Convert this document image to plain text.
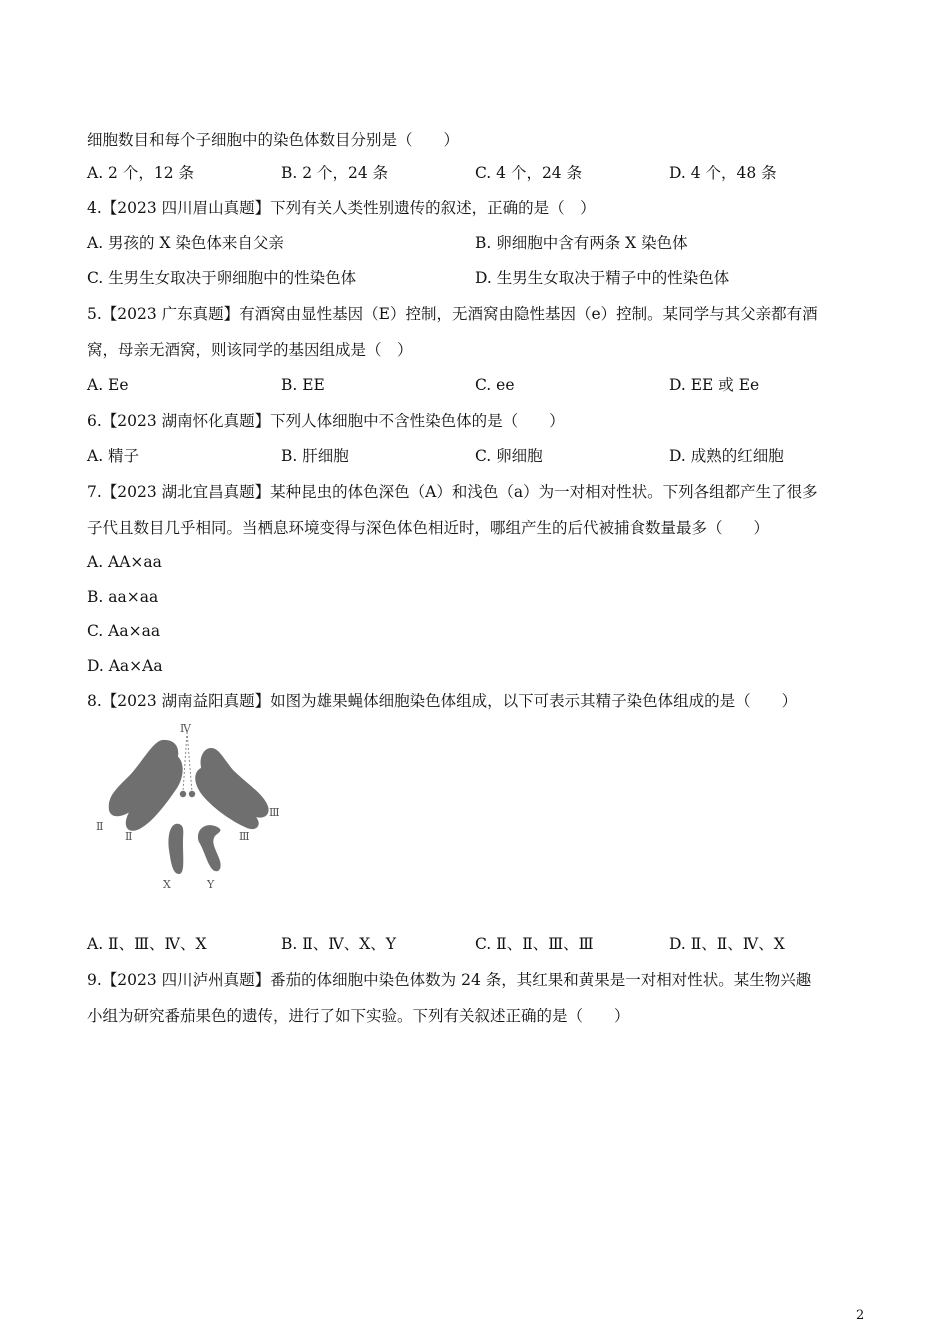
细胞数目和每个子细胞中的染色体数目分别是（　　）
A. 2 个，12 条	B. 2 个，24 条	C. 4 个，24 条	D. 4 个，48 条
4.【2023 四川眉山真题】下列有关人类性别遗传的叙述，正确的是（　）
A. 男孩的 X 染色体来自父亲	B. 卵细胞中含有两条 X 染色体
C. 生男生女取决于卵细胞中的性染色体	D. 生男生女取决于精子中的性染色体
5.【2023 广东真题】有酒窝由显性基因（E）控制，无酒窝由隐性基因（e）控制。某同学与其父亲都有酒
窝，母亲无酒窝，则该同学的基因组成是（　）
A. Ee	B. EE	C. ee	D. EE 或 Ee
6.【2023 湖南怀化真题】下列人体细胞中不含性染色体的是（　　）
A. 精子	B. 肝细胞	C. 卵细胞	D. 成熟的红细胞
7.【2023 湖北宜昌真题】某种昆虫的体色深色（A）和浅色（a）为一对相对性状。下列各组都产生了很多
子代且数目几乎相同。当栖息环境变得与深色体色相近时，哪组产生的后代被捕食数量最多（　　）
A. AA×aa
B. aa×aa
C. Aa×aa
D. Aa×Aa
8.【2023 湖南益阳真题】如图为雄果蝇体细胞染色体组成，以下可表示其精子染色体组成的是（　　）
Ⅳ
Ⅱ
Ⅱ
Ⅲ
Ⅲ
X	Y
A. Ⅱ、Ⅲ、Ⅳ、X	B. Ⅱ、Ⅳ、X、Y	C. Ⅱ、Ⅱ、Ⅲ、Ⅲ	D. Ⅱ、Ⅱ、Ⅳ、X
9.【2023 四川泸州真题】番茄的体细胞中染色体数为 24 条，其红果和黄果是一对相对性状。某生物兴趣
小组为研究番茄果色的遗传，进行了如下实验。下列有关叙述正确的是（　　）
2
